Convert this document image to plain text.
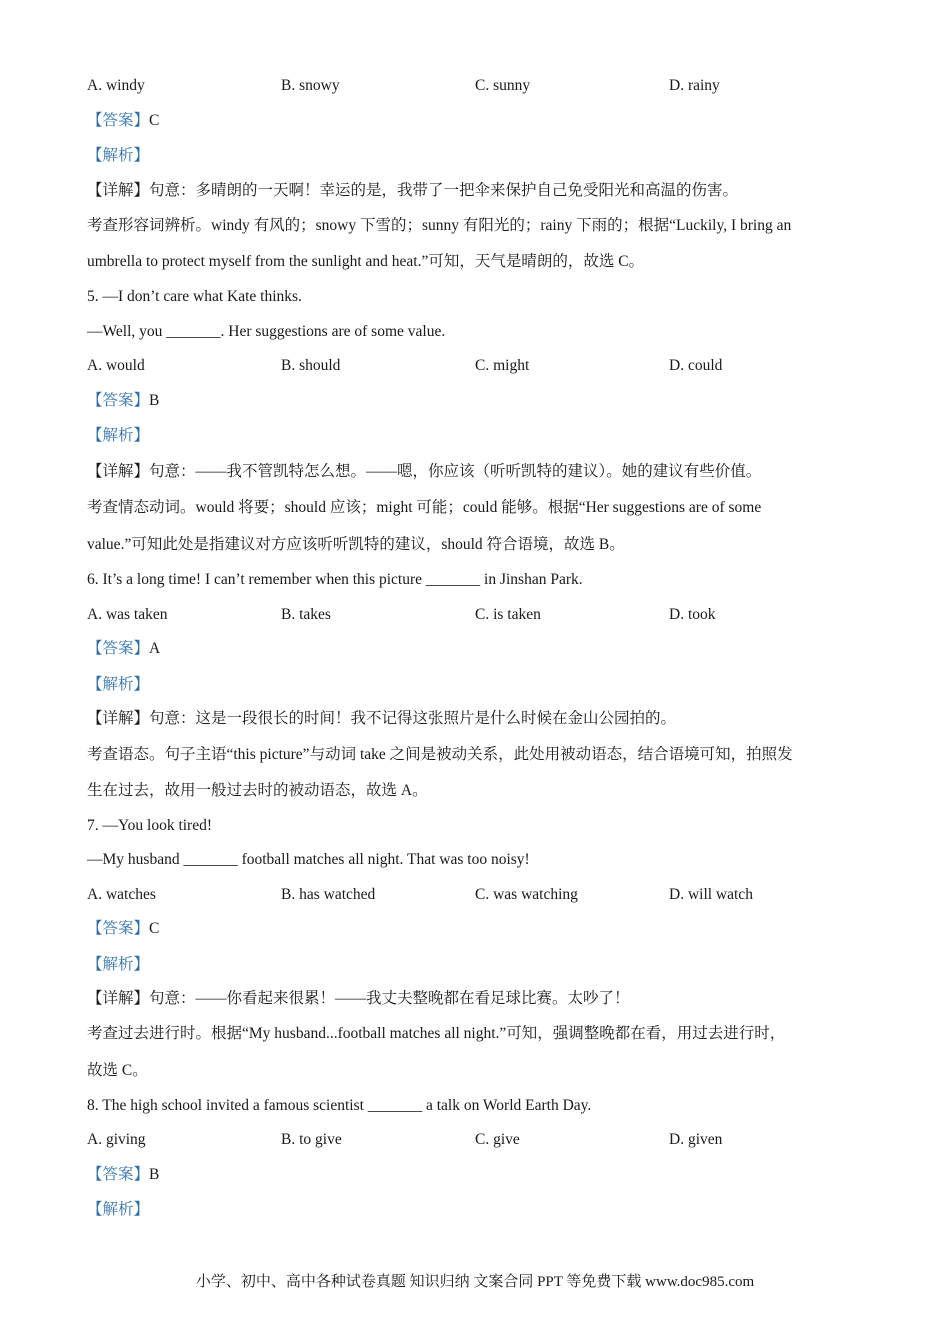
A. windy	B. snowy	C. sunny	D. rainy
【答案】C
【解析】
【详解】句意：多晴朗的一天啊！幸运的是，我带了一把伞来保护自己免受阳光和高温的伤害。
考查形容词辨析。windy 有风的；snowy 下雪的；sunny 有阳光的；rainy 下雨的；根据“Luckily, I bring an
umbrella to protect myself from the sunlight and heat.”可知，天气是晴朗的，故选 C。
5. —I don’t care what Kate thinks.
—Well, you _______. Her suggestions are of some value.
A. would	B. should	C. might	D. could
【答案】B
【解析】
【详解】句意：——我不管凯特怎么想。——嗯，你应该（听听凯特的建议）。她的建议有些价值。
考查情态动词。would 将要；should 应该；might 可能；could 能够。根据“Her suggestions are of some
value.”可知此处是指建议对方应该听听凯特的建议，should 符合语境，故选 B。
6. It’s a long time! I can’t remember when this picture _______ in Jinshan Park.
A. was taken	B. takes	C. is taken	D. took
【答案】A
【解析】
【详解】句意：这是一段很长的时间！我不记得这张照片是什么时候在金山公园拍的。
考查语态。句子主语“this picture”与动词 take 之间是被动关系，此处用被动语态，结合语境可知，拍照发
生在过去，故用一般过去时的被动语态，故选 A。
7. —You look tired!
—My husband _______ football matches all night. That was too noisy!
A. watches	B. has watched	C. was watching	D. will watch
【答案】C
【解析】
【详解】句意：——你看起来很累！——我丈夫整晚都在看足球比赛。太吵了！
考查过去进行时。根据“My husband...football matches all night.”可知，强调整晚都在看，用过去进行时，
故选 C。
8. The high school invited a famous scientist _______ a talk on World Earth Day.
A. giving	B. to give	C. give	D. given
【答案】B
【解析】
小学、初中、高中各种试卷真题 知识归纳 文案合同 PPT 等免费下载 www.doc985.com
